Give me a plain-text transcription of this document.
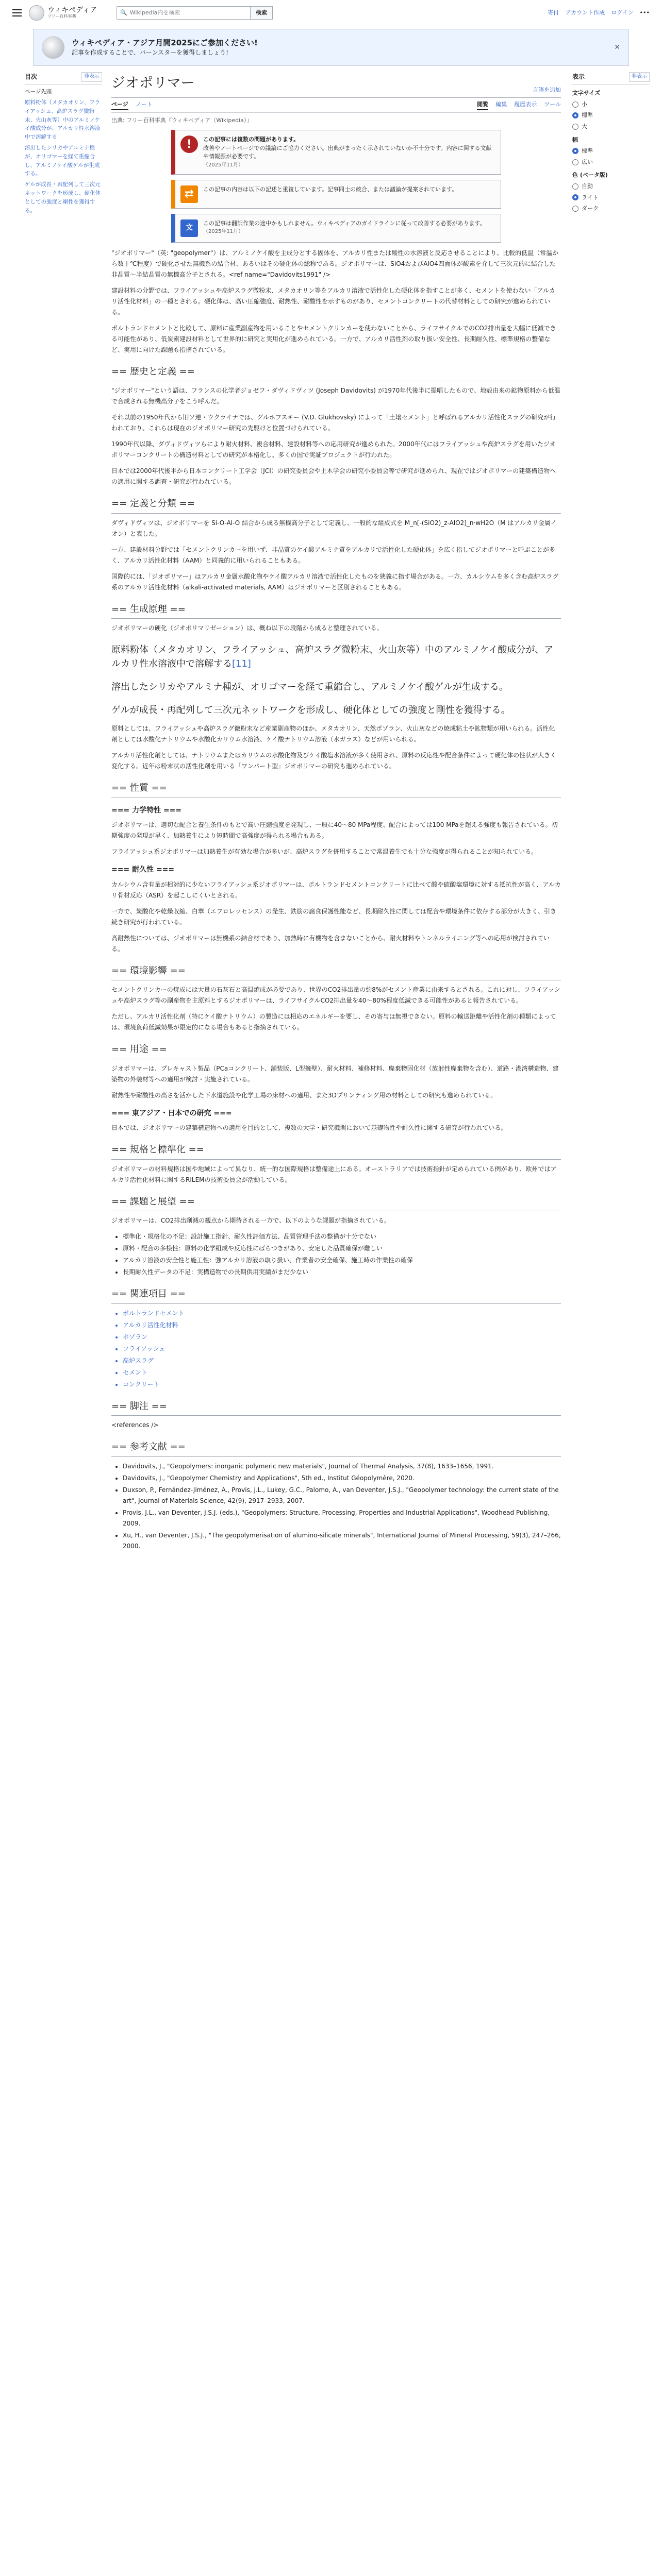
ウィキペディア
フリー百科事典
🔍 Wikipedia内を検索	検索	寄付 アカウント作成 ログイン •••
ウィキペディア・アジア月間2025にご参加ください!
記事を作成することで、バーンスターを獲得しましょう!
✕
目次	非表示
ページ先頭
原料粉体（メタカオリン、フライアッシュ、高炉スラグ微粉末、火山灰等）中のアルミノケイ酸成分が、アルカリ性水溶液中で溶解する
溶出したシリカやアルミナ種が、オリゴマーを経て重縮合し、アルミノケイ酸ゲルが生成する。
ゲルが成長・再配列して三次元ネットワークを形成し、硬化体としての強度と剛性を獲得する。
表示	非表示
文字サイズ
小
標準
大
幅
標準
広い
色 (ベータ版)
自動
ライト
ダーク
ジオポリマー	言語を追加
ページ ノート	閲覧 編集 履歴表示 ツール
出典: フリー百科事典『ウィキペディア（Wikipedia）』
!	この記事には複数の問題があります。

改善やノートページでの議論にご協力ください。出典がまったく示されていないか不十分です。内容に関する文献や情報源が必要です。

（2025年11月）

⇄	この記事の内容は以下の記述と重複しています。記事同士の統合、または議論が提案されています。

文

この記事は翻訳作業の途中かもしれません。ウィキペディアのガイドラインに従って改善する必要があります。

（2025年11月）

"ジオポリマー"（英: "geopolymer"）は、アルミノケイ酸を主成分とする固体を、アルカリ性または酸性の水溶液と反応させることにより、比較的低温（常温から数十℃程度）で硬化させた無機系の結合材、あるいはその硬化体の総称である。ジオポリマーは、SiO4およびAlO4四面体が酸素を介して三次元的に結合した非晶質〜半結晶質の無機高分子とされる。<ref name="Davidovits1991" />

建設材料の分野では、フライアッシュや高炉スラグ微粉末、メタカオリン等をアルカリ溶液で活性化した硬化体を指すことが多く、セメントを使わない「アルカリ活性化材料」の一種とされる。硬化体は、高い圧縮強度、耐熱性、耐酸性を示すものがあり、セメントコンクリートの代替材料としての研究が進められている。

ポルトランドセメントと比較して、原料に産業副産物を用いることやセメントクリンカーを使わないことから、ライフサイクルでのCO2排出量を大幅に低減できる可能性があり、低炭素建設材料として世界的に研究と実用化が進められている。一方で、アルカリ活性剤の取り扱い安全性、長期耐久性、標準規格の整備など、実用に向けた課題も指摘されている。

== 歴史と定義 ==

"ジオポリマー"という語は、フランスの化学者ジョゼフ・ダヴィドヴィツ (Joseph Davidovits) が1970年代後半に提唱したもので、地殻由来の鉱物原料から低温で合成される無機高分子をこう呼んだ。

それ以前の1950年代から旧ソ連・ウクライナでは、グルホフスキー (V.D. Glukhovsky) によって「土壌セメント」と呼ばれるアルカリ活性化スラグの研究が行われており、これらは現在のジオポリマー研究の先駆けと位置づけられている。

1990年代以降、ダヴィドヴィツらにより耐火材料、複合材料、建設材料等への応用研究が進められた。2000年代にはフライアッシュや高炉スラグを用いたジオポリマーコンクリートの構造材料としての研究が本格化し、多くの国で実証プロジェクトが行われた。

日本では2000年代後半から日本コンクリート工学会（JCI）の研究委員会や土木学会の研究小委員会等で研究が進められ、現在ではジオポリマーの建築構造物への適用に関する調査・研究が行われている。

== 定義と分類 ==

ダヴィドヴィツは、ジオポリマーを Si-O-Al-O 結合から成る無機高分子として定義し、一般的な組成式を M_n[-(SiO2)_z-AlO2]_n·wH2O（M はアルカリ金属イオン）と表した。

一方、建設材料分野では「セメントクリンカーを用いず、非晶質のケイ酸アルミナ質をアルカリで活性化した硬化体」を広く指してジオポリマーと呼ぶことが多く、アルカリ活性化材料（AAM）と同義的に用いられることもある。

国際的には、「ジオポリマー」はアルカリ金属水酸化物やケイ酸アルカリ溶液で活性化したものを狭義に指す場合がある。一方、カルシウムを多く含む高炉スラグ系のアルカリ活性化材料（alkali-activated materials, AAM）はジオポリマーと区別されることもある。

== 生成原理 ==

ジオポリマーの硬化（ジオポリマリゼーション）は、概ね以下の段階から成ると整理されている。

原料粉体（メタカオリン、フライアッシュ、高炉スラグ微粉末、火山灰等）中のアルミノケイ酸成分が、アルカリ性水溶液中で溶解する[11]
溶出したシリカやアルミナ種が、オリゴマーを経て重縮合し、アルミノケイ酸ゲルが生成する。
ゲルが成長・再配列して三次元ネットワークを形成し、硬化体としての強度と剛性を獲得する。

原料としては、フライアッシュや高炉スラグ微粉末など産業副産物のほか、メタカオリン、天然ポゾラン、火山灰などの焼成粘土や鉱物類が用いられる。活性化剤としては水酸化ナトリウムや水酸化カリウム水溶液、ケイ酸ナトリウム溶液（水ガラス）などが用いられる。

アルカリ活性化剤としては、ナトリウムまたはカリウムの水酸化物及びケイ酸塩水溶液が多く使用され、原料の反応性や配合条件によって硬化体の性状が大きく変化する。近年は粉末状の活性化剤を用いる「ワンパート型」ジオポリマーの研究も進められている。

== 性質 ==
=== 力学特性 ===

ジオポリマーは、適切な配合と養生条件のもとで高い圧縮強度を発現し、一般に40〜80 MPa程度、配合によっては100 MPaを超える強度も報告されている。初期強度の発現が早く、加熱養生により短時間で高強度が得られる場合もある。

フライアッシュ系ジオポリマーは加熱養生が有効な場合が多いが、高炉スラグを併用することで常温養生でも十分な強度が得られることが知られている。

=== 耐久性 ===

カルシウム含有量が相対的に少ないフライアッシュ系ジオポリマーは、ポルトランドセメントコンクリートに比べて酸や硫酸塩環境に対する抵抗性が高く、アルカリ骨材反応（ASR）を起こしにくいとされる。

一方で、炭酸化や乾燥収縮、白華（エフロレッセンス）の発生、鉄筋の腐食保護性能など、長期耐久性に関しては配合や環境条件に依存する部分が大きく、引き続き研究が行われている。

高耐熱性については、ジオポリマーは無機系の結合材であり、加熱時に有機物を含まないことから、耐火材料やトンネルライニング等への応用が検討されている。

== 環境影響 ==

セメントクリンカーの焼成には大量の石灰石と高温焼成が必要であり、世界のCO2排出量の約8%がセメント産業に由来するとされる。これに対し、フライアッシュや高炉スラグ等の副産物を主原料とするジオポリマーは、ライフサイクルCO2排出量を40〜80%程度低減できる可能性があると報告されている。

ただし、アルカリ活性化剤（特にケイ酸ナトリウム）の製造には相応のエネルギーを要し、その寄与は無視できない。原料の輸送距離や活性化剤の種類によっては、環境負荷低減効果が限定的になる場合もあると指摘されている。

== 用途 ==

ジオポリマーは、プレキャスト製品（PCaコンクリート、舗装版、L型擁壁）、耐火材料、補修材料、廃棄物固化材（放射性廃棄物を含む）、道路・港湾構造物、建築物の外装材等への適用が検討・実施されている。

耐熱性や耐酸性の高さを活かした下水道施設や化学工場の床材への適用、また3Dプリンティング用の材料としての研究も進められている。

=== 東アジア・日本での研究 ===

日本では、ジオポリマーの建築構造物への適用を目的として、複数の大学・研究機関において基礎物性や耐久性に関する研究が行われている。

== 規格と標準化 ==

ジオポリマーの材料規格は国や地域によって異なり、統一的な国際規格は整備途上にある。オーストラリアでは技術指針が定められている例があり、欧州ではアルカリ活性化材料に関するRILEMの技術委員会が活動している。

== 課題と展望 ==

ジオポリマーは、CO2排出削減の観点から期待される一方で、以下のような課題が指摘されている。

• 標準化・規格化の不足：設計施工指針、耐久性評価方法、品質管理手法の整備が十分でない
• 原料・配合の多様性：原料の化学組成や反応性にばらつきがあり、安定した品質確保が難しい
• アルカリ溶液の安全性と施工性：強アルカリ溶液の取り扱い、作業者の安全確保、施工時の作業性の確保
• 長期耐久性データの不足：実構造物での長期供用実績がまだ少ない
== 関連項目 ==
• ポルトランドセメント
• アルカリ活性化材料
• ポゾラン
• フライアッシュ
• 高炉スラグ
• セメント
• コンクリート
== 脚注 ==

<references />

== 参考文献 ==
• Davidovits, J., "Geopolymers: inorganic polymeric new materials", Journal of Thermal Analysis, 37(8), 1633–1656, 1991.
• Davidovits, J., "Geopolymer Chemistry and Applications", 5th ed., Institut Géopolymère, 2020.
• Duxson, P., Fernández-Jiménez, A., Provis, J.L., Lukey, G.C., Palomo, A., van Deventer, J.S.J., "Geopolymer technology: the current state of the art", Journal of Materials Science, 42(9), 2917–2933, 2007.
• Provis, J.L., van Deventer, J.S.J. (eds.), "Geopolymers: Structure, Processing, Properties and Industrial Applications", Woodhead Publishing, 2009.
• Xu, H., van Deventer, J.S.J., "The geopolymerisation of alumino-silicate minerals", International Journal of Mineral Processing, 59(3), 247–266, 2000.
